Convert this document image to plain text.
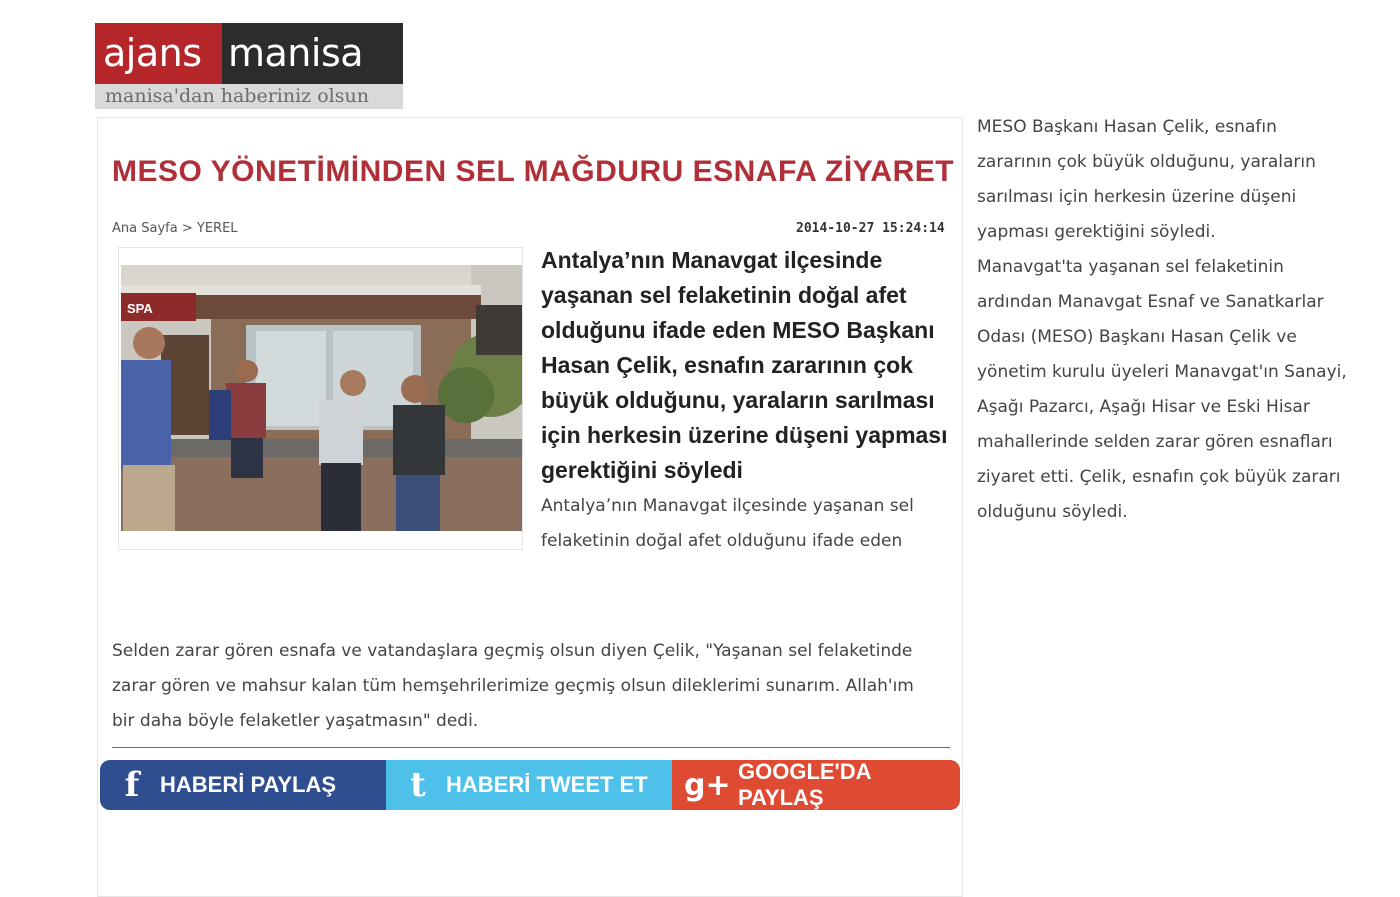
ajans manisa
manisa'dan haberiniz olsun
MESO YÖNETİMİNDEN SEL MAĞDURU ESNAFA ZİYARET
Ana Sayfa > YEREL	2014-10-27 15:24:14
SPA

Antalya’nın Manavgat ilçesinde yaşanan sel felaketinin doğal afet olduğunu ifade eden MESO Başkanı Hasan Çelik, esnafın zararının çok büyük olduğunu, yaraların sarılması için herkesin üzerine düşeni yapması gerektiğini söyledi

Antalya’nın Manavgat ilçesinde yaşanan sel felaketinin doğal afet olduğunu ifade eden

Selden zarar gören esnafa ve vatandaşlara geçmiş olsun diyen Çelik, "Yaşanan sel felaketinde zarar gören ve mahsur kalan tüm hemşehrilerimize geçmiş olsun dileklerimi sunarım. Allah'ım bir daha böyle felaketler yaşatmasın" dedi.

f HABERİ PAYLAŞ	t HABERİ TWEET ET g+ GOOGLE'DA PAYLAŞ

MESO Başkanı Hasan Çelik, esnafın zararının çok büyük olduğunu, yaraların sarılması için herkesin üzerine düşeni yapması gerektiğini söyledi.

Manavgat'ta yaşanan sel felaketinin ardından Manavgat Esnaf ve Sanatkarlar Odası (MESO) Başkanı Hasan Çelik ve yönetim kurulu üyeleri Manavgat'ın Sanayi, Aşağı Pazarcı, Aşağı Hisar ve Eski Hisar mahallerinde selden zarar gören esnafları ziyaret etti. Çelik, esnafın çok büyük zararı olduğunu söyledi.
